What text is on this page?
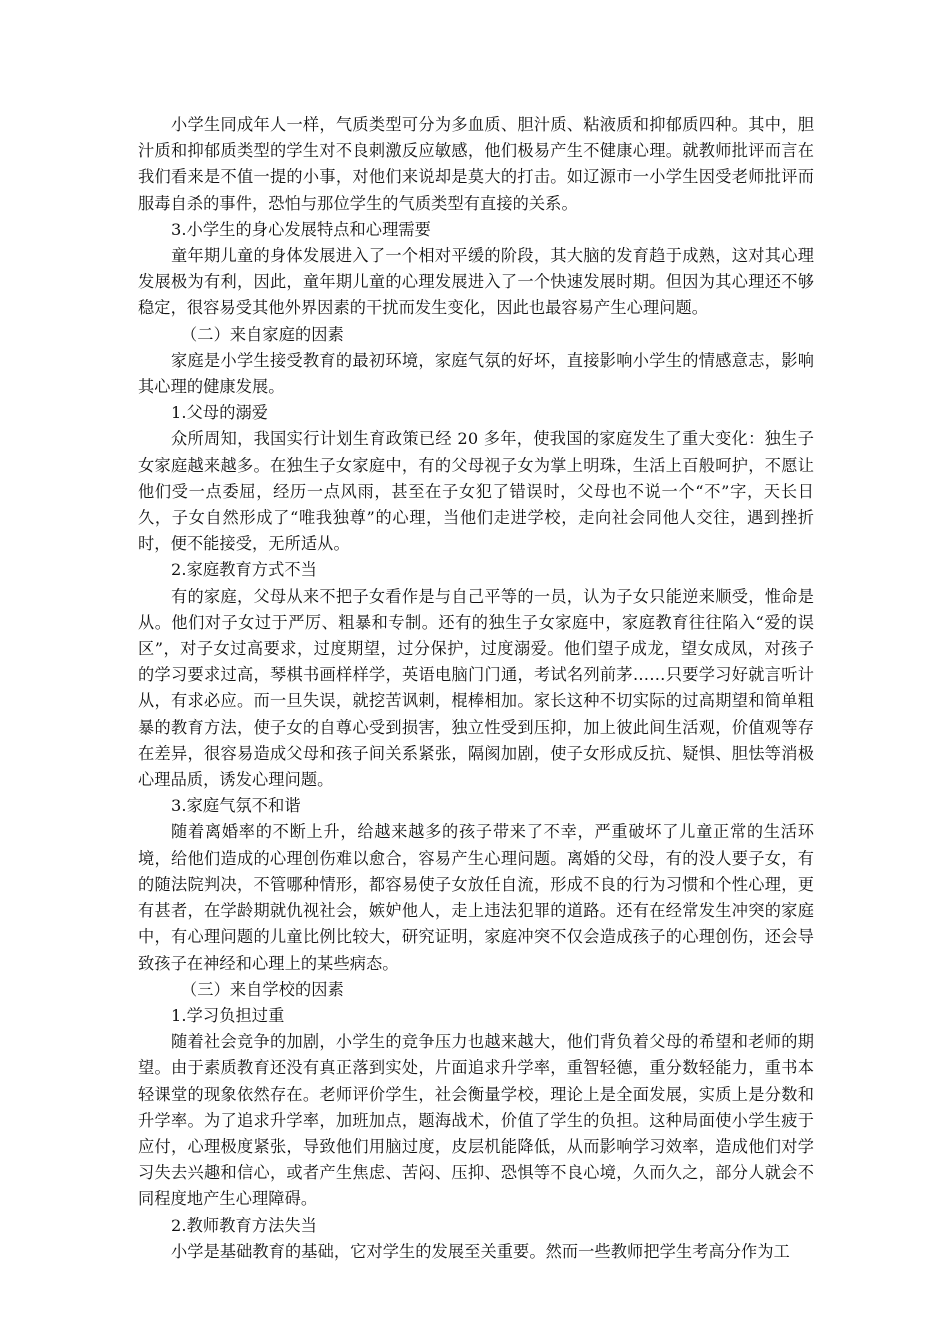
小学生同成年人一样，气质类型可分为多血质、胆汁质、粘液质和抑郁质四种。其中，胆汁质和抑郁质类型的学生对不良刺激反应敏感，他们极易产生不健康心理。就教师批评而言在我们看来是不值一提的小事，对他们来说却是莫大的打击。如辽源市一小学生因受老师批评而服毒自杀的事件，恐怕与那位学生的气质类型有直接的关系。

3.小学生的身心发展特点和心理需要

童年期儿童的身体发展进入了一个相对平缓的阶段，其大脑的发育趋于成熟，这对其心理发展极为有利，因此，童年期儿童的心理发展进入了一个快速发展时期。但因为其心理还不够稳定，很容易受其他外界因素的干扰而发生变化，因此也最容易产生心理问题。

（二）来自家庭的因素

家庭是小学生接受教育的最初环境，家庭气氛的好坏，直接影响小学生的情感意志，影响其心理的健康发展。

1.父母的溺爱

众所周知，我国实行计划生育政策已经 20 多年，使我国的家庭发生了重大变化：独生子女家庭越来越多。在独生子女家庭中，有的父母视子女为掌上明珠，生活上百般呵护，不愿让他们受一点委屈，经历一点风雨，甚至在子女犯了错误时，父母也不说一个“不”字，天长日久，子女自然形成了“唯我独尊”的心理，当他们走进学校，走向社会同他人交往，遇到挫折时，便不能接受，无所适从。

2.家庭教育方式不当

有的家庭，父母从来不把子女看作是与自己平等的一员，认为子女只能逆来顺受，惟命是从。他们对子女过于严厉、粗暴和专制。还有的独生子女家庭中，家庭教育往往陷入“爱的误区”，对子女过高要求，过度期望，过分保护，过度溺爱。他们望子成龙，望女成凤，对孩子的学习要求过高，琴棋书画样样学，英语电脑门门通，考试名列前茅……只要学习好就言听计从，有求必应。而一旦失误，就挖苦讽刺，棍棒相加。家长这种不切实际的过高期望和简单粗暴的教育方法，使子女的自尊心受到损害，独立性受到压抑，加上彼此间生活观，价值观等存在差异，很容易造成父母和孩子间关系紧张，隔阂加剧，使子女形成反抗、疑惧、胆怯等消极心理品质，诱发心理问题。

3.家庭气氛不和谐

随着离婚率的不断上升，给越来越多的孩子带来了不幸，严重破坏了儿童正常的生活环境，给他们造成的心理创伤难以愈合，容易产生心理问题。离婚的父母，有的没人要子女，有的随法院判决，不管哪种情形，都容易使子女放任自流，形成不良的行为习惯和个性心理，更有甚者，在学龄期就仇视社会，嫉妒他人，走上违法犯罪的道路。还有在经常发生冲突的家庭中，有心理问题的儿童比例比较大，研究证明，家庭冲突不仅会造成孩子的心理创伤，还会导致孩子在神经和心理上的某些病态。

（三）来自学校的因素

1.学习负担过重

随着社会竞争的加剧，小学生的竞争压力也越来越大，他们背负着父母的希望和老师的期望。由于素质教育还没有真正落到实处，片面追求升学率，重智轻德，重分数轻能力，重书本轻课堂的现象依然存在。老师评价学生，社会衡量学校，理论上是全面发展，实质上是分数和升学率。为了追求升学率，加班加点，题海战术，价值了学生的负担。这种局面使小学生疲于应付，心理极度紧张，导致他们用脑过度，皮层机能降低，从而影响学习效率，造成他们对学习失去兴趣和信心，或者产生焦虑、苦闷、压抑、恐惧等不良心境，久而久之，部分人就会不同程度地产生心理障碍。

2.教师教育方法失当

小学是基础教育的基础，它对学生的发展至关重要。然而一些教师把学生考高分作为工
